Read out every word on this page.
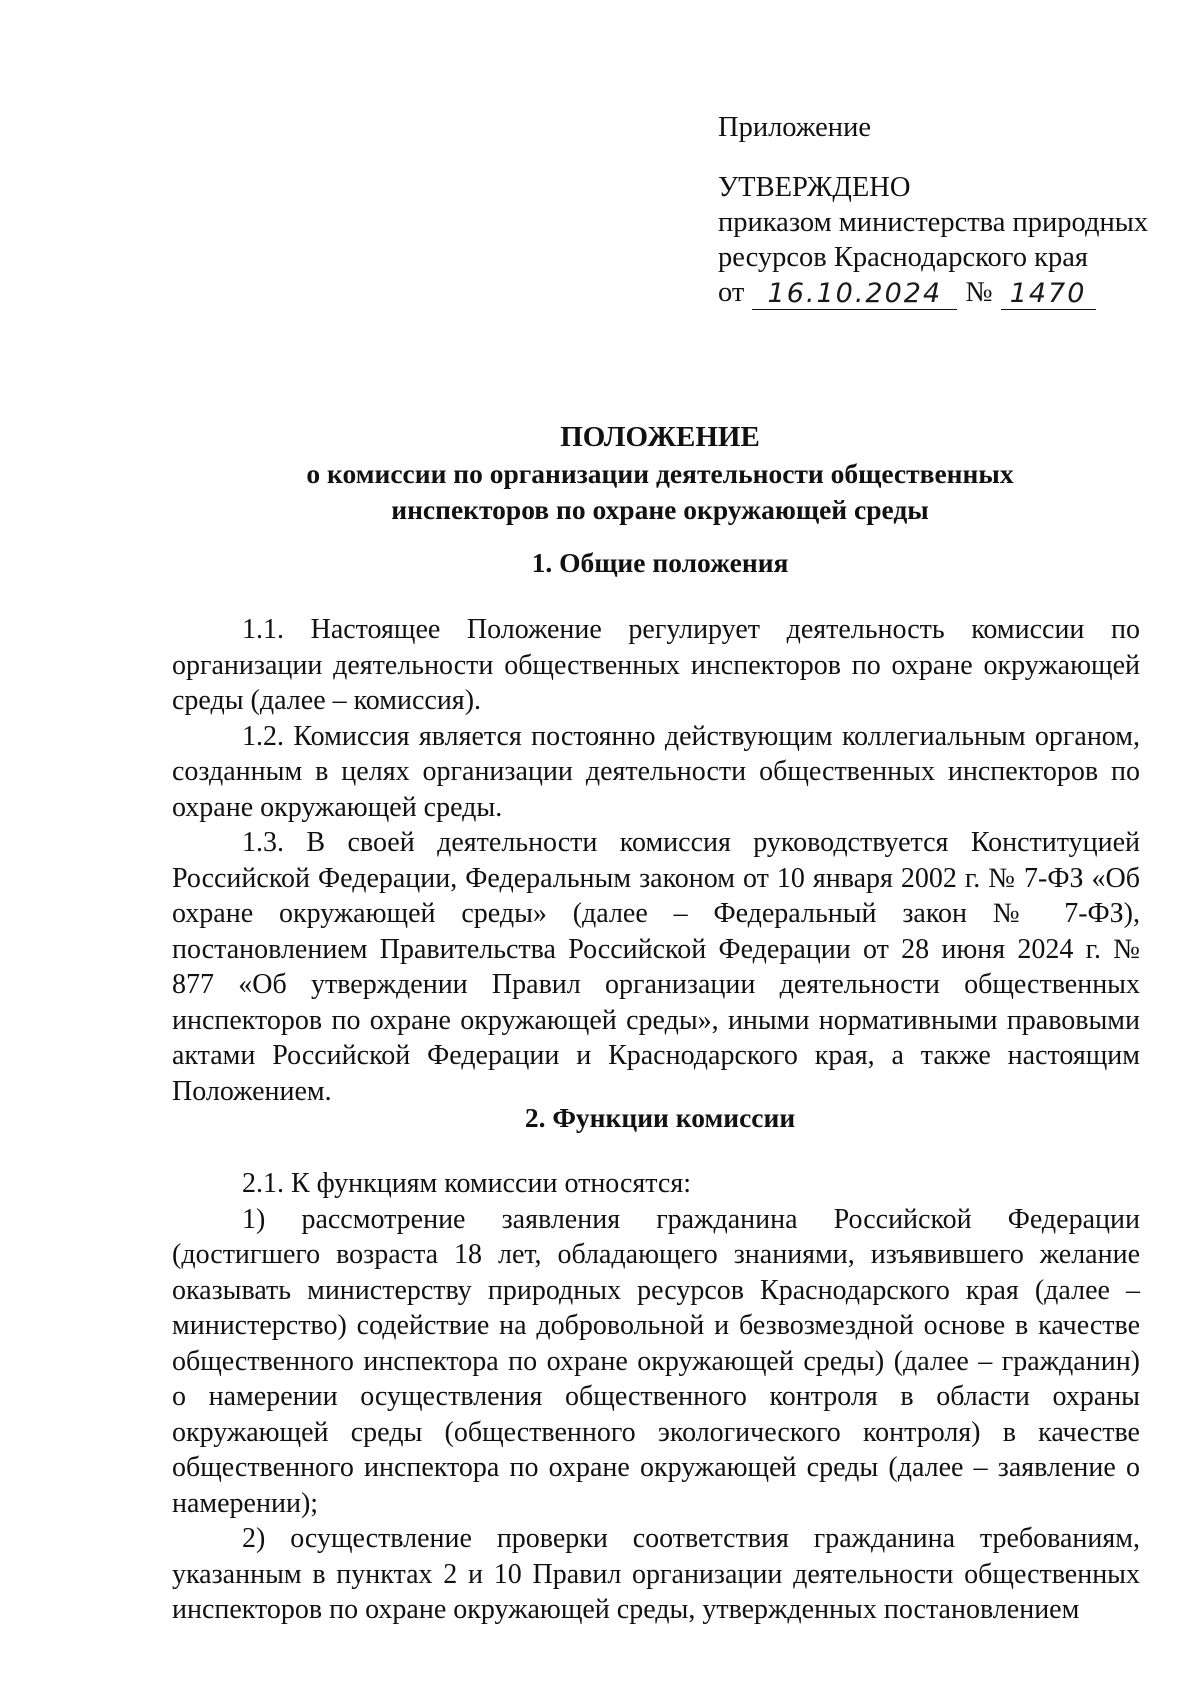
Приложение
УТВЕРЖДЕНО
приказом министерства природных
ресурсов Краснодарского края
от 16.10.2024 № 1470
ПОЛОЖЕНИЕ
о комиссии по организации деятельности общественных
инспекторов по охране окружающей среды
1. Общие положения

1.1. Настоящее Положение регулирует деятельность комиссии по организации деятельности общественных инспекторов по охране окружающей среды (далее – комиссия).

1.2. Комиссия является постоянно действующим коллегиальным органом, созданным в целях организации деятельности общественных инспекторов по охране окружающей среды.

1.3. В своей деятельности комиссия руководствуется Конституцией Российской Федерации, Федеральным законом от 10 января 2002 г. № 7-ФЗ «Об охране окружающей среды» (далее – Федеральный закон № 7-ФЗ), постановлением Правительства Российской Федерации от 28 июня 2024 г. № 877 «Об утверждении Правил организации деятельности общественных инспекторов по охране окружающей среды», иными нормативными правовыми актами Российской Федерации и Краснодарского края, а также настоящим Положением.

2. Функции комиссии

2.1. К функциям комиссии относятся:

1) рассмотрение заявления гражданина Российской Федерации (достигшего возраста 18 лет, обладающего знаниями, изъявившего желание оказывать министерству природных ресурсов Краснодарского края (далее – министерство) содействие на добровольной и безвозмездной основе в качестве общественного инспектора по охране окружающей среды) (далее – гражданин) о намерении осуществления общественного контроля в области охраны окружающей среды (общественного экологического контроля) в качестве общественного инспектора по охране окружающей среды (далее – заявление о намерении);

2) осуществление проверки соответствия гражданина требованиям, указанным в пунктах 2 и 10 Правил организации деятельности общественных инспекторов по охране окружающей среды, утвержденных постановлением
